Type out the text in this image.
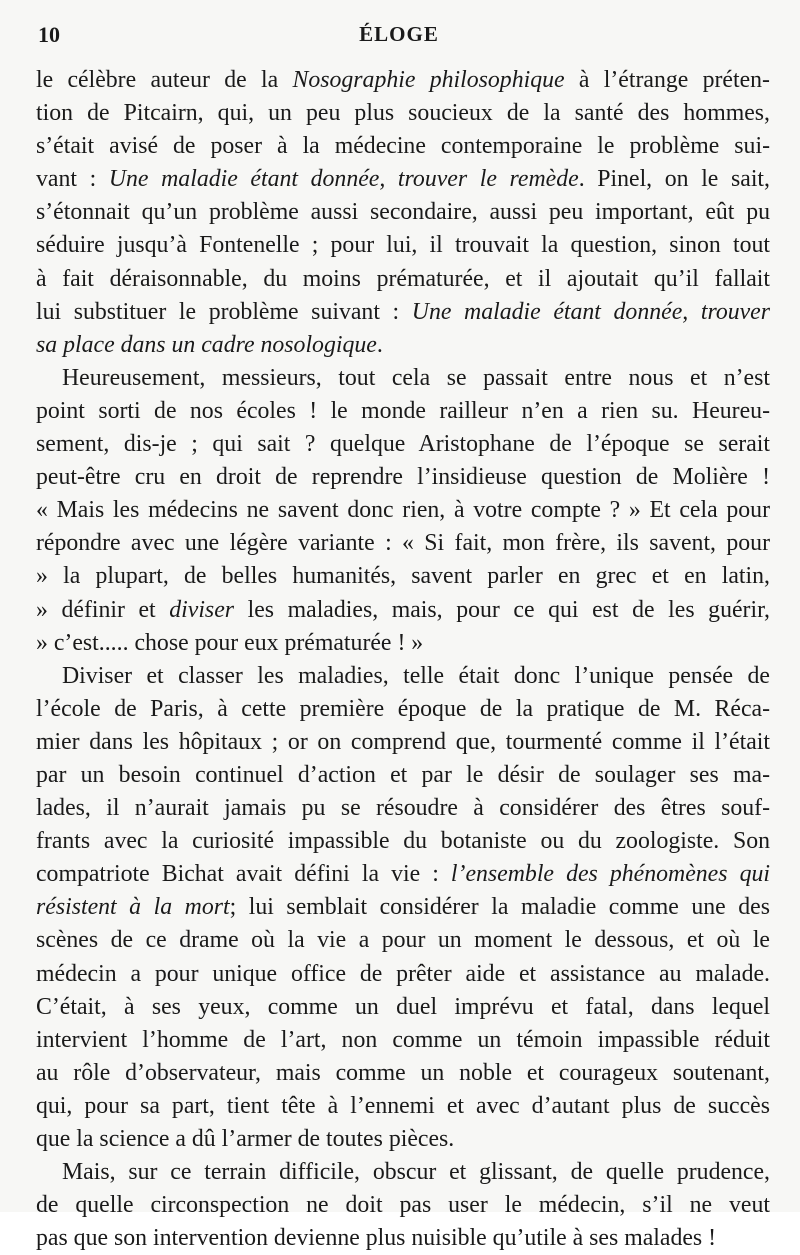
10	ÉLOGE

le célèbre auteur de la Nosographie philosophique à l’étrange préten-
tion de Pitcairn, qui, un peu plus soucieux de la santé des hommes,
s’était avisé de poser à la médecine contemporaine le problème sui-
vant : Une maladie étant donnée, trouver le remède. Pinel, on le sait,
s’étonnait qu’un problème aussi secondaire, aussi peu important, eût pu
séduire jusqu’à Fontenelle ; pour lui, il trouvait la question, sinon tout
à fait déraisonnable, du moins prématurée, et il ajoutait qu’il fallait
lui substituer le problème suivant : Une maladie étant donnée, trouver
sa place dans un cadre nosologique.

Heureusement, messieurs, tout cela se passait entre nous et n’est
point sorti de nos écoles ! le monde railleur n’en a rien su. Heureu-
sement, dis-je ; qui sait ? quelque Aristophane de l’époque se serait
peut-être cru en droit de reprendre l’insidieuse question de Molière !
« Mais les médecins ne savent donc rien, à votre compte ? » Et cela pour
répondre avec une légère variante : « Si fait, mon frère, ils savent, pour
» la plupart, de belles humanités, savent parler en grec et en latin,
» définir et diviser les maladies, mais, pour ce qui est de les guérir,
» c’est..... chose pour eux prématurée ! »

Diviser et classer les maladies, telle était donc l’unique pensée de
l’école de Paris, à cette première époque de la pratique de M. Réca-
mier dans les hôpitaux ; or on comprend que, tourmenté comme il l’était
par un besoin continuel d’action et par le désir de soulager ses ma-
lades, il n’aurait jamais pu se résoudre à considérer des êtres souf-
frants avec la curiosité impassible du botaniste ou du zoologiste. Son
compatriote Bichat avait défini la vie : l’ensemble des phénomènes qui
résistent à la mort; lui semblait considérer la maladie comme une des
scènes de ce drame où la vie a pour un moment le dessous, et où le
médecin a pour unique office de prêter aide et assistance au malade.
C’était, à ses yeux, comme un duel imprévu et fatal, dans lequel
intervient l’homme de l’art, non comme un témoin impassible réduit
au rôle d’observateur, mais comme un noble et courageux soutenant,
qui, pour sa part, tient tête à l’ennemi et avec d’autant plus de succès
que la science a dû l’armer de toutes pièces.

Mais, sur ce terrain difficile, obscur et glissant, de quelle prudence,
de quelle circonspection ne doit pas user le médecin, s’il ne veut
pas que son intervention devienne plus nuisible qu’utile à ses malades !
